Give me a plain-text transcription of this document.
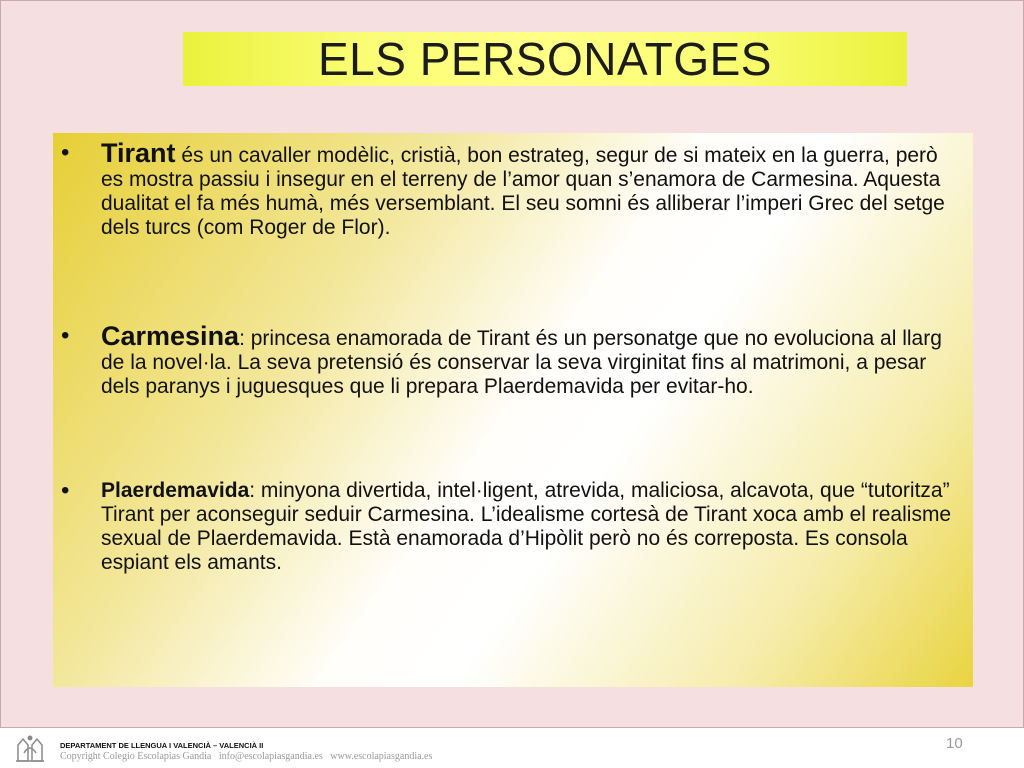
ELS PERSONATGES
• Tirant és un cavaller modèlic, cristià, bon estrateg, segur de si mateix en la guerra, però es mostra passiu i insegur en el terreny de l’amor quan s’enamora de Carmesina. Aquesta dualitat el fa més humà, més versemblant. El seu somni és alliberar l’imperi Grec del setge dels turcs (com Roger de Flor).
• Carmesina: princesa enamorada de Tirant és un personatge que no evoluciona al llarg de la novel·la. La seva pretensió és conservar la seva virginitat fins al matrimoni, a pesar dels paranys i juguesques que li prepara Plaerdemavida per evitar-ho.
• Plaerdemavida: minyona divertida, intel·ligent, atrevida, maliciosa, alcavota, que “tutoritza” Tirant per aconseguir seduir Carmesina. L’idealisme cortesà de Tirant xoca amb el realisme sexual de Plaerdemavida. Està enamorada d’Hipòlit però no és correposta. Es consola espiant els amants.
DEPARTAMENT DE LLENGUA I VALENCIÀ – VALENCIÀ II
Copyright Colegio Escolapias Gandia info@escolapiasgandia.es www.escolapiasgandia.es
10
